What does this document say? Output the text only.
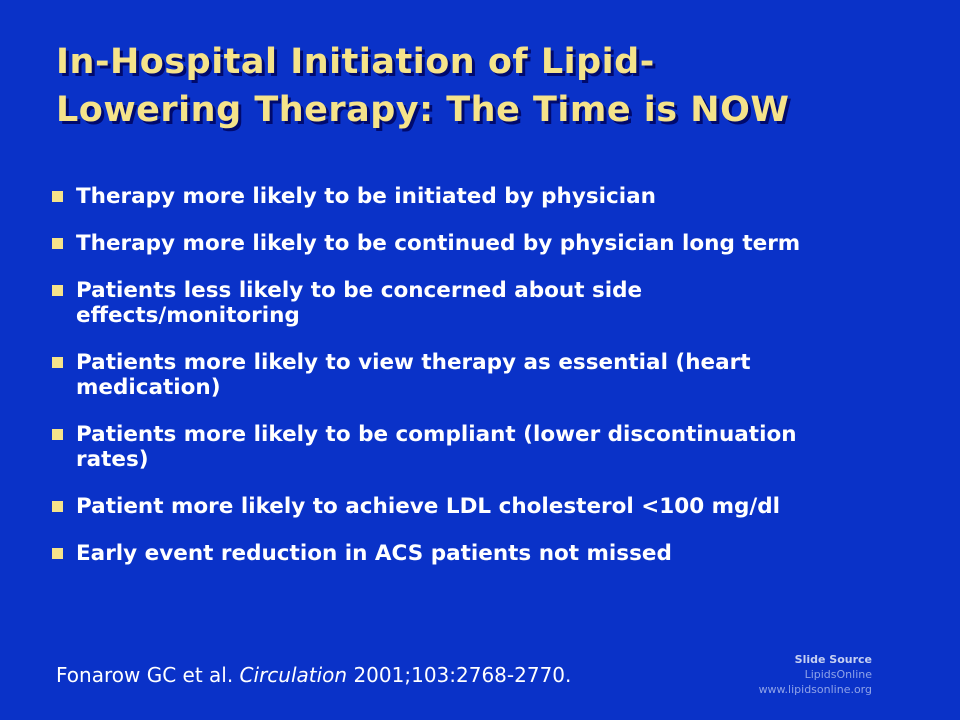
In-Hospital Initiation of Lipid-
Lowering Therapy: The Time is NOW
Therapy more likely to be initiated by physician
Therapy more likely to be continued by physician long term
Patients less likely to be concerned about side
effects/monitoring
Patients more likely to view therapy as essential (heart
medication)
Patients more likely to be compliant (lower discontinuation
rates)
Patient more likely to achieve LDL cholesterol <100 mg/dl
Early event reduction in ACS patients not missed
Fonarow GC et al. Circulation 2001;103:2768-2770.
Slide Source
LipidsOnline
www.lipidsonline.org
